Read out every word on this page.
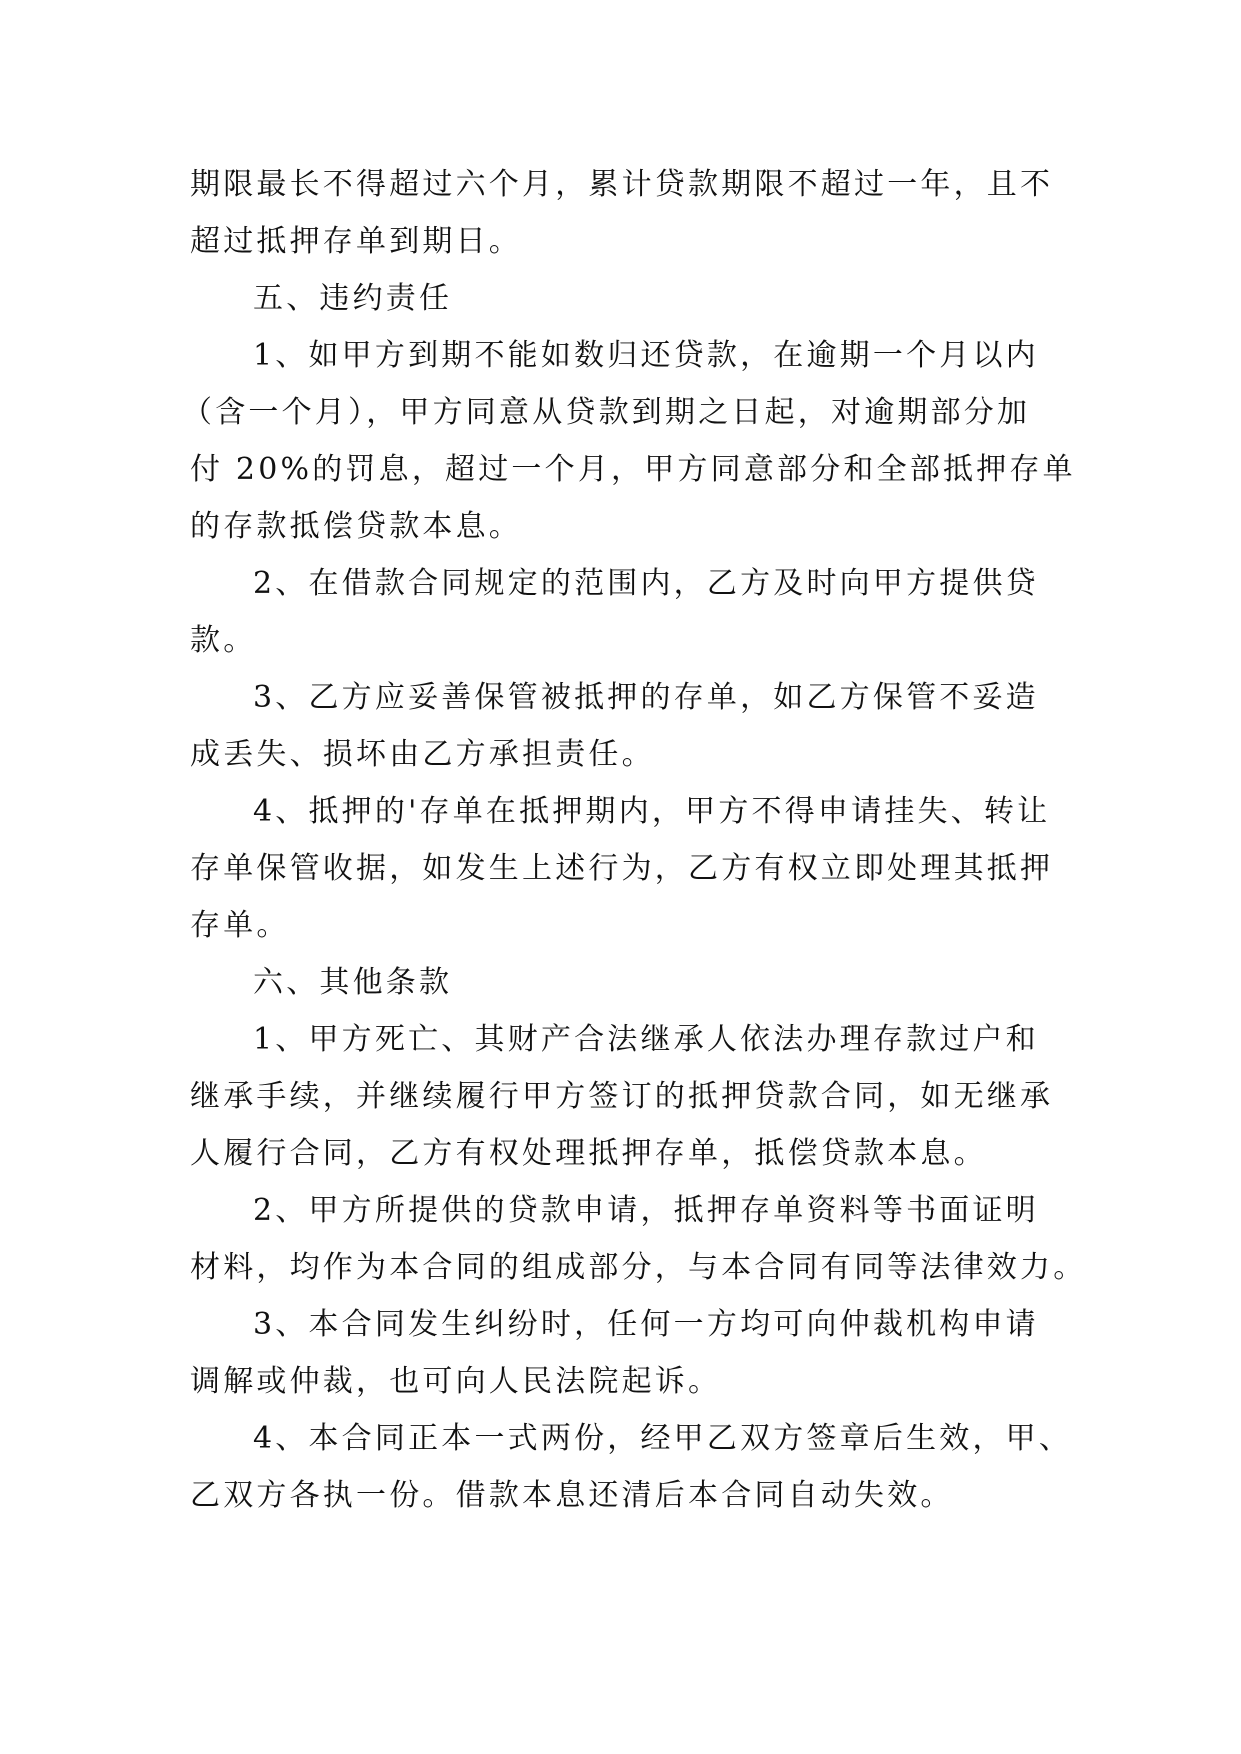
期限最长不得超过六个月，累计贷款期限不超过一年，且不
超过抵押存单到期日。
五、违约责任
1、如甲方到期不能如数归还贷款，在逾期一个月以内
（含一个月），甲方同意从贷款到期之日起，对逾期部分加
付 20%的罚息，超过一个月，甲方同意部分和全部抵押存单
的存款抵偿贷款本息。
2、在借款合同规定的范围内，乙方及时向甲方提供贷
款。
3、乙方应妥善保管被抵押的存单，如乙方保管不妥造
成丢失、损坏由乙方承担责任。
4、抵押的'存单在抵押期内，甲方不得申请挂失、转让
存单保管收据，如发生上述行为，乙方有权立即处理其抵押
存单。
六、其他条款
1、甲方死亡、其财产合法继承人依法办理存款过户和
继承手续，并继续履行甲方签订的抵押贷款合同，如无继承
人履行合同，乙方有权处理抵押存单，抵偿贷款本息。
2、甲方所提供的贷款申请，抵押存单资料等书面证明
材料，均作为本合同的组成部分，与本合同有同等法律效力。
3、本合同发生纠纷时，任何一方均可向仲裁机构申请
调解或仲裁，也可向人民法院起诉。
4、本合同正本一式两份，经甲乙双方签章后生效，甲、
乙双方各执一份。借款本息还清后本合同自动失效。
